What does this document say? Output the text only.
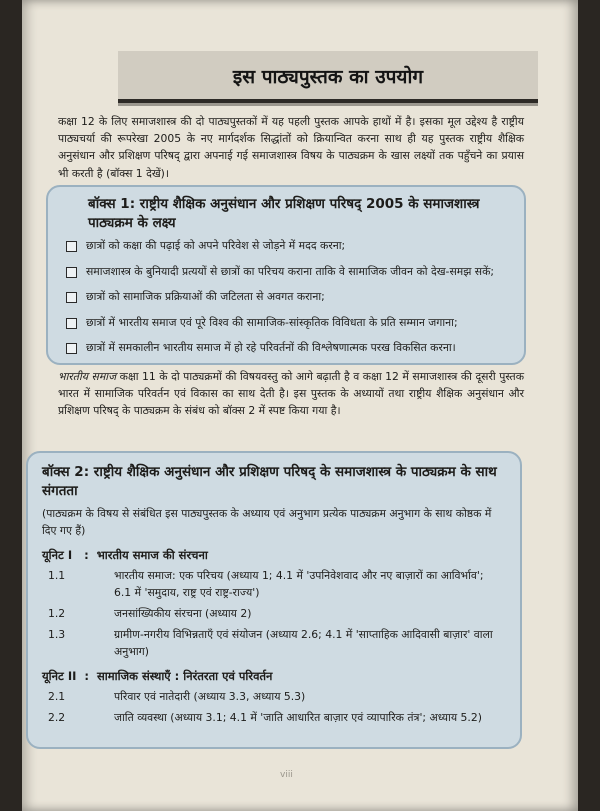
इस पाठ्यपुस्तक का उपयोग

कक्षा 12 के लिए समाजशास्त्र की दो पाठ्यपुस्तकों में यह पहली पुस्तक आपके हाथों में है। इसका मूल उद्देश्य है राष्ट्रीय पाठ्यचर्या की रूपरेखा 2005 के नए मार्गदर्शक सिद्धांतों को क्रियान्वित करना साथ ही यह पुस्तक राष्ट्रीय शैक्षिक अनुसंधान और प्रशिक्षण परिषद् द्वारा अपनाई गई समाजशास्त्र विषय के पाठ्यक्रम के खास लक्ष्यों तक पहुँचने का प्रयास भी करती है (बॉक्स 1 देखें)।

बॉक्स 1: राष्ट्रीय शैक्षिक अनुसंधान और प्रशिक्षण परिषद् 2005 के समाजशास्त्र पाठ्यक्रम के लक्ष्य

छात्रों को कक्षा की पढ़ाई को अपने परिवेश से जोड़ने में मदद करना;
समाजशास्त्र के बुनियादी प्रत्ययों से छात्रों का परिचय कराना ताकि वे सामाजिक जीवन को देख-समझ सकें;
छात्रों को सामाजिक प्रक्रियाओं की जटिलता से अवगत कराना;
छात्रों में भारतीय समाज एवं पूरे विश्व की सामाजिक-सांस्कृतिक विविधता के प्रति सम्मान जगाना;
छात्रों में समकालीन भारतीय समाज में हो रहे परिवर्तनों की विश्लेषणात्मक परख विकसित करना।

भारतीय समाज कक्षा 11 के दो पाठ्यक्रमों की विषयवस्तु को आगे बढ़ाती है व कक्षा 12 में समाजशास्त्र की दूसरी पुस्तक भारत में सामाजिक परिवर्तन एवं विकास का साथ देती है। इस पुस्तक के अध्यायों तथा राष्ट्रीय शैक्षिक अनुसंधान और प्रशिक्षण परिषद् के पाठ्यक्रम के संबंध को बॉक्स 2 में स्पष्ट किया गया है।

बॉक्स 2: राष्ट्रीय शैक्षिक अनुसंधान और प्रशिक्षण परिषद् के समाजशास्त्र के पाठ्यक्रम के साथ संगतता

(पाठ्यक्रम के विषय से संबंधित इस पाठ्यपुस्तक के अध्याय एवं अनुभाग प्रत्येक पाठ्यक्रम अनुभाग के साथ कोष्ठक में दिए गए हैं)

यूनिट I   :  भारतीय समाज की संरचना
1.1	भारतीय समाज: एक परिचय (अध्याय 1; 4.1 में 'उपनिवेशवाद और नए बाज़ारों का आविर्भाव'; 6.1 में 'समुदाय, राष्ट्र एवं राष्ट्र-राज्य')
1.2	जनसांख्यिकीय संरचना (अध्याय 2)
1.3	ग्रामीण-नगरीय विभिन्नताएँ एवं संयोजन (अध्याय 2.6; 4.1 में 'साप्ताहिक आदिवासी बाज़ार' वाला अनुभाग)
यूनिट II  :  सामाजिक संस्थाएँ : निरंतरता एवं परिवर्तन
2.1	परिवार एवं नातेदारी (अध्याय 3.3, अध्याय 5.3)
2.2	जाति व्यवस्था (अध्याय 3.1; 4.1 में 'जाति आधारित बाज़ार एवं व्यापारिक तंत्र'; अध्याय 5.2)
viii
